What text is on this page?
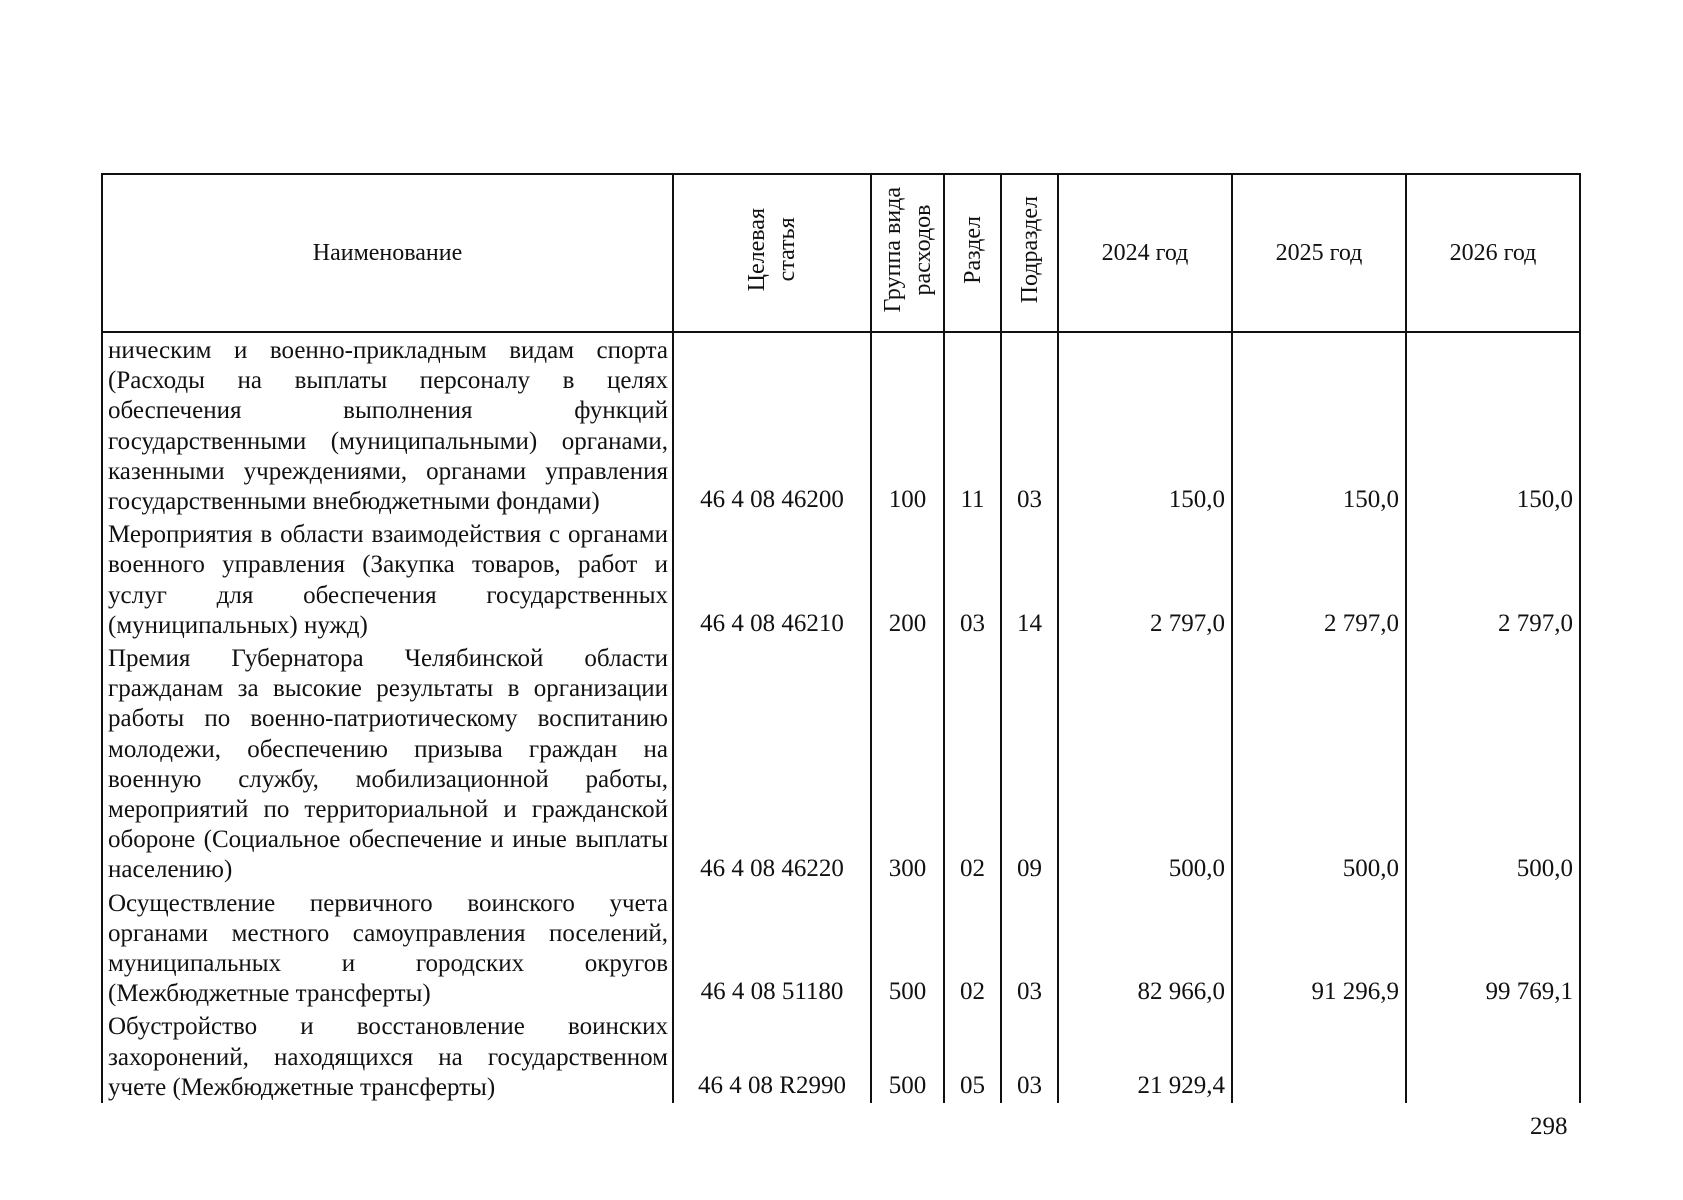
Наименование	Целевая статья	Группа вида расходов	Раздел	Подраздел	2024 год	2025 год	2026 год
ническим и военно-прикладным видам спорта (Расходы на выплаты персоналу в целях обеспечения выполнения функций государственными (муниципальными) органами, казенными учреждениями, органами управления государственными внебюджетными фондами)	46 4 08 46200	100	11	03	150,0	150,0	150,0
Мероприятия в области взаимодействия с органами военного управления (Закупка товаров, работ и услуг для обеспечения государственных (муниципальных) нужд)	46 4 08 46210	200	03	14	2 797,0	2 797,0	2 797,0
Премия Губернатора Челябинской области гражданам за высокие результаты в организации работы по военно-патриотическому воспитанию молодежи, обеспечению призыва граждан на военную службу, мобилизационной работы, мероприятий по территориальной и гражданской обороне (Социальное обеспечение и иные выплаты населению)	46 4 08 46220	300	02	09	500,0	500,0	500,0
Осуществление первичного воинского учета органами местного самоуправления поселений, муниципальных и городских округов (Межбюджетные трансферты)	46 4 08 51180	500	02	03	82 966,0	91 296,9	99 769,1
Обустройство и восстановление воинских захоронений, находящихся на государственном учете (Межбюджетные трансферты)	46 4 08 R2990	500	05	03	21 929,4		
298
